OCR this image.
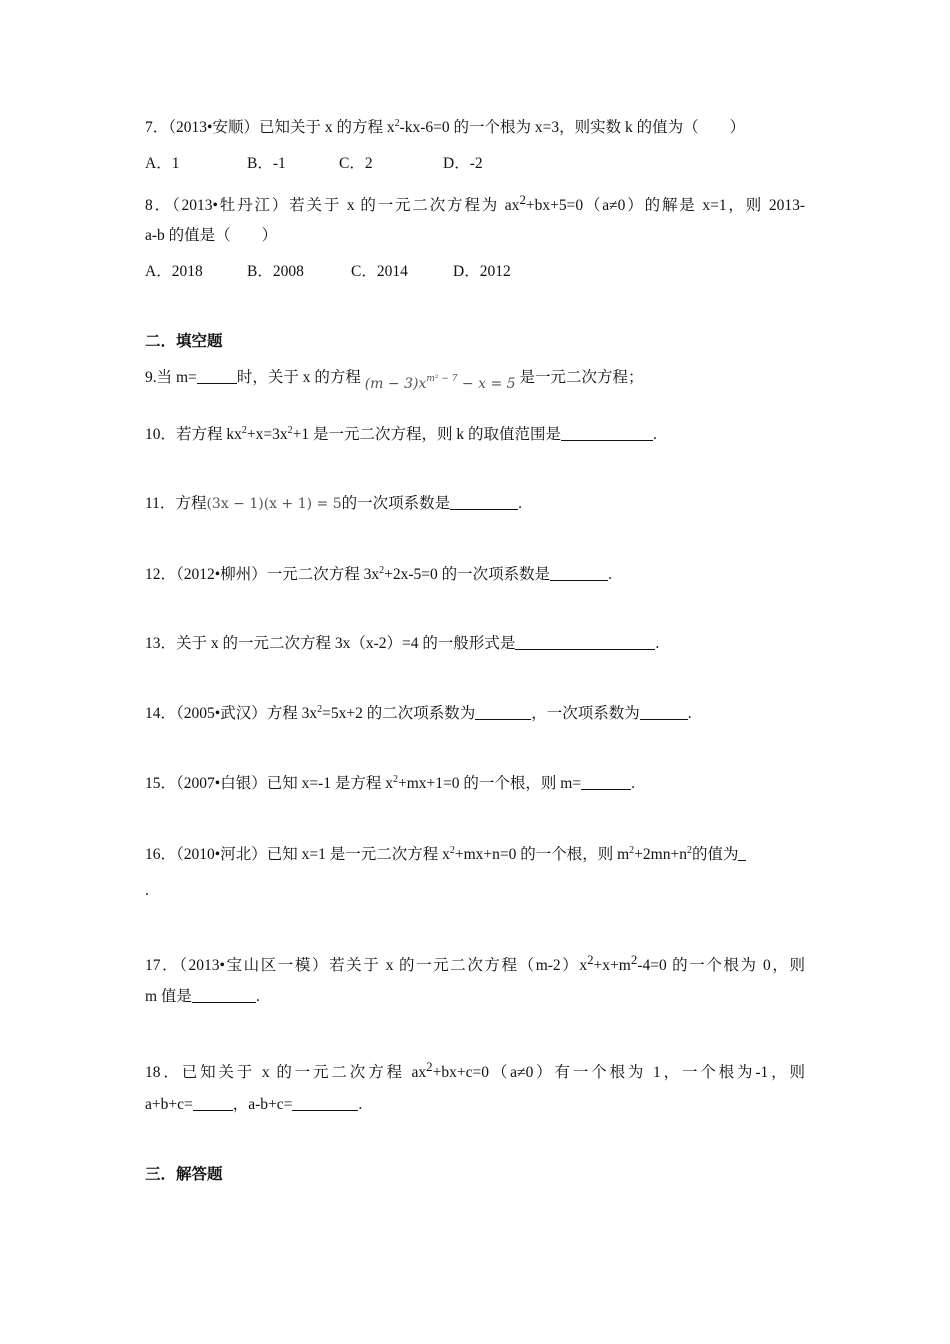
7．（2013•安顺）已知关于 x 的方程 $x^2-kx-6=0$ 的一个根为 x=3，则实数 k 的值为（　　）
A．1	B．-1	C．2	D．-2
8．（2013•牡丹江）若关于 x 的一元二次方程为 $ax^2+bx+5=0(a\ne 0)$的解是 x=1，则 2013-
a-b 的值是（　　）
A．2018	B．2008	C．2014	D．2012
二．填空题
9.当 m=	时，关于 x 的方程 $(m - 3)x^{m^2 - 7} - x = 5$ 是一元二次方程；
10．若方程 $kx^2+x=3x^2+1$ 是一元二次方程，则 k 的取值范围是	.
11．方程(3x − 1)(x + 1) = 5的一次项系数是	.
12．（2012•柳州）一元二次方程 $3x^2+2x-5=0$ 的一次项系数是	.
13．关于 x 的一元二次方程 3x（x-2）=4 的一般形式是	.
14．（2005•武汉）方程 $3x^2=5x+2$ 的二次项系数为	，一次项系数为	.
15．（2007•白银）已知 x=-1 是方程 $x^2+mx+1=0$ 的一个根，则 m=	.
16．（2010•河北）已知 x=1 是一元二次方程 $x^2+mx+n=0$ 的一个根，则 $m^2+2mn+n^2$的值为
.
17．（2013•宝山区一模）若关于 x 的一元二次方程$(m-2)x^2+x+m^2-4=0$ 的一个根为 0，则
m 值是	.
18．已知关于 x 的一元二次方程 $ax^2+bx+c=0(a\ne 0)$有一个根为 1，一个根为-1，则
a+b+c=	，a-b+c=	.
三．解答题
